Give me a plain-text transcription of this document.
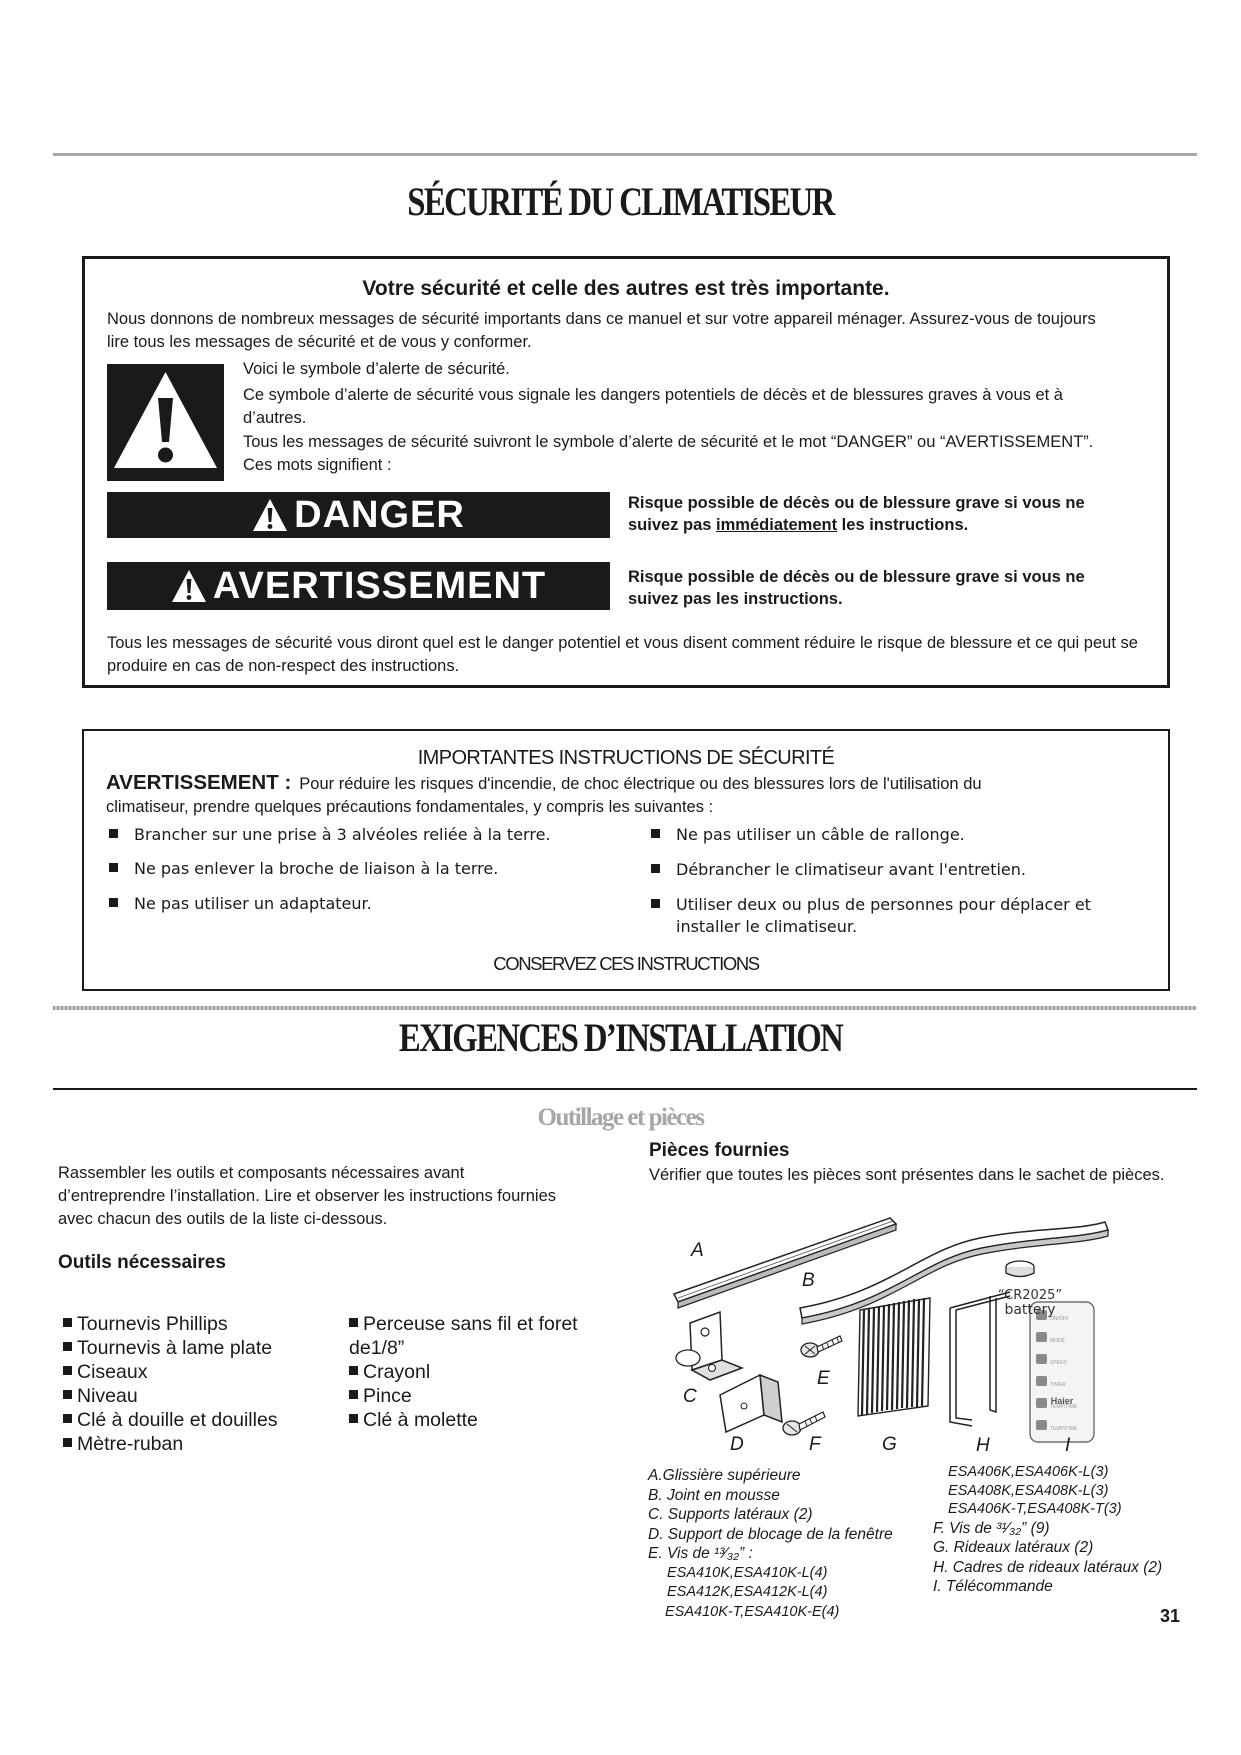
SÉCURITÉ DU CLIMATISEUR
Votre sécurité et celle des autres est très importante.
Nous donnons de nombreux messages de sécurité importants dans ce manuel et sur votre appareil ménager. Assurez-vous de toujours lire tous les messages de sécurité et de vous y conformer.
Voici le symbole d’alerte de sécurité.
Ce symbole d’alerte de sécurité vous signale les dangers potentiels de décès et de blessures graves à vous et à d’autres.
Tous les messages de sécurité suivront le symbole d’alerte de sécurité et le mot “DANGER” ou “AVERTISSEMENT”. Ces mots signifient :
DANGER	Risque possible de décès ou de blessure grave si vous ne suivez pas immédiatement les instructions.
AVERTISSEMENT	Risque possible de décès ou de blessure grave si vous ne suivez pas les instructions.
Tous les messages de sécurité vous diront quel est le danger potentiel et vous disent comment réduire le risque de blessure et ce qui peut se produire en cas de non-respect des instructions.
IMPORTANTES INSTRUCTIONS DE SÉCURITÉ
AVERTISSEMENT : Pour réduire les risques d'incendie, de choc électrique ou des blessures lors de l'utilisation du
climatiseur, prendre quelques précautions fondamentales, y compris les suivantes :
Brancher sur une prise à 3 alvéoles reliée à la terre.
Ne pas enlever la broche de liaison à la terre.
Ne pas utiliser un adaptateur.
Ne pas utiliser un câble de rallonge.
Débrancher le climatiseur avant l'entretien.
Utiliser deux ou plus de personnes pour déplacer et installer le climatiseur.
CONSERVEZ CES INSTRUCTIONS
EXIGENCES D’INSTALLATION
Outillage et pièces
Rassembler les outils et composants nécessaires avant d’entreprendre l’installation. Lire et observer les instructions fournies avec chacun des outils de la liste ci-dessous.
Outils nécessaires
Tournevis Phillips
Tournevis à lame plate
Ciseaux
Niveau
Clé à douille et douilles
Mètre-ruban
Perceuse sans fil et foret
de1/8”
Crayonl
Pince
Clé à molette
Pièces fournies
Vérifier que toutes les pièces sont présentes dans le sachet de pièces.
A
B
C
D
E
F	G	H	I
“CR2025”
battery
ON/OFF
MODE
SPEED
TIMER
TEMP/TIME
TEMP/TIME
Haier
A.Glissière supérieure
B. Joint en mousse
C. Supports latéraux (2)
D. Support de blocage de la fenêtre
E. Vis de ¹³⁄₃₂” :
ESA410K,ESA410K-L(4)
ESA412K,ESA412K-L(4)
ESA410K-T,ESA410K-E(4)
ESA406K,ESA406K-L(3)
ESA408K,ESA408K-L(3)
ESA406K-T,ESA408K-T(3)
F. Vis de ³¹⁄₃₂” (9)
G. Rideaux latéraux (2)
H. Cadres de rideaux latéraux (2)
I. Télécommande
31
